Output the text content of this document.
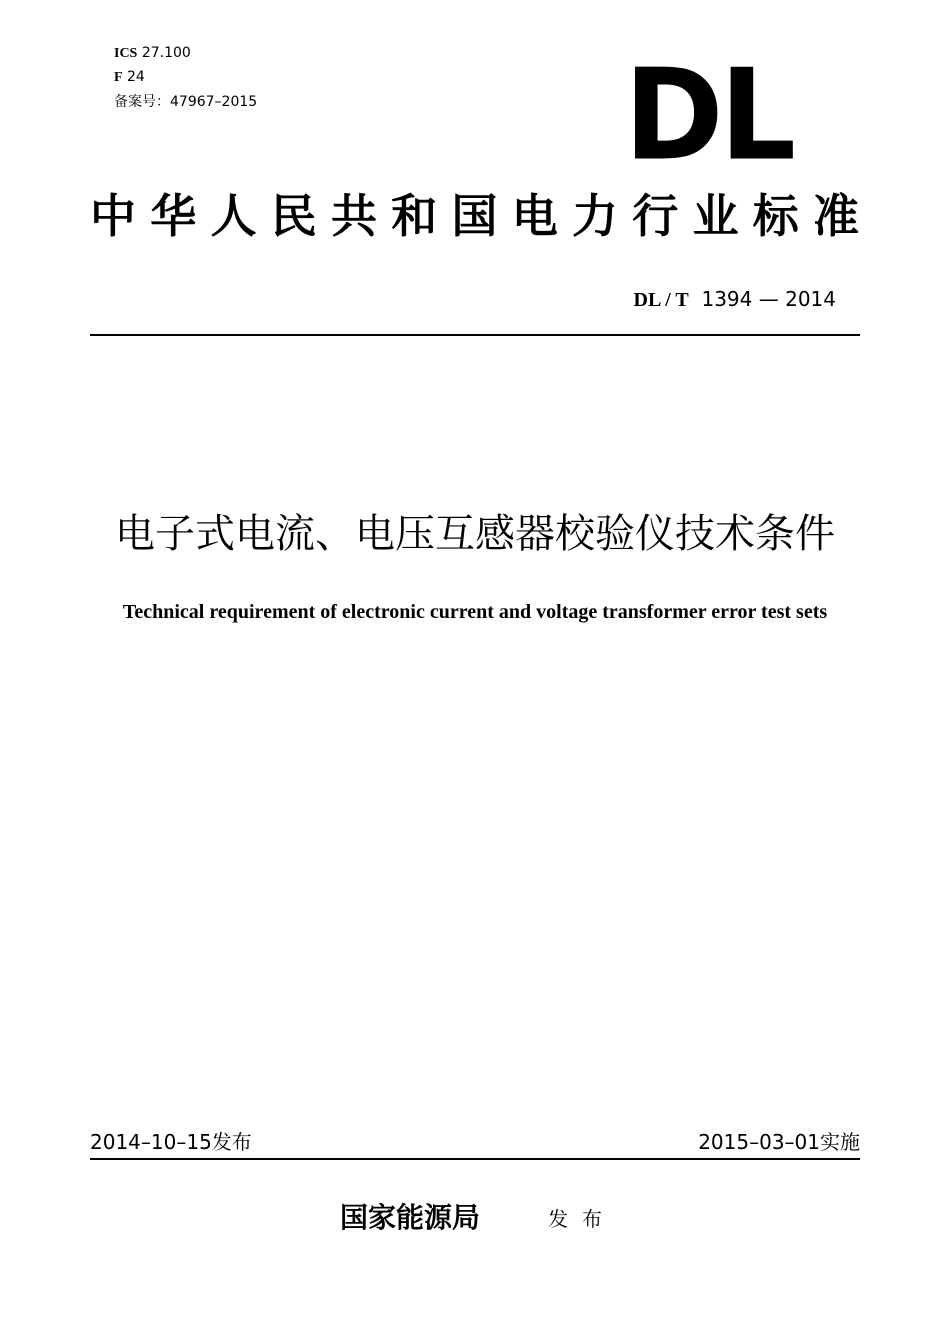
ICS 27.100
F 24
备案号：47967–2015	DL
中华人民共和国电力行业标准
DL / T 1394 — 2014
电子式电流、电压互感器校验仪技术条件
Technical requirement of electronic current and voltage transformer error test sets
2014–10–15发布	2015–03–01实施
国家能源局	发布
